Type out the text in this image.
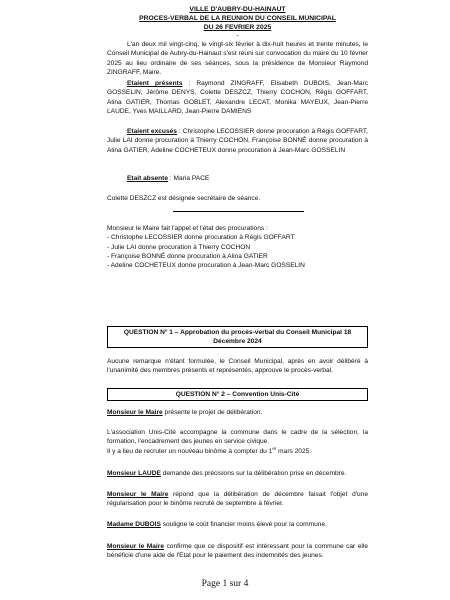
VILLE D'AUBRY-DU-HAINAUT
PROCES-VERBAL DE LA REUNION DU CONSEIL MUNICIPAL
DU 26 FEVRIER 2025
-
L'an deux mil vingt-cinq, le vingt-six février à dix-huit heures et trente minutes, le Conseil Municipal de Aubry-du-Hainaut s'est réuni sur convocation du maire du 10 février 2025 au lieu ordinaire de ses séances, sous la présidence de Monsieur Raymond ZINGRAFF, Maire.
Etaient présents : Raymond ZINGRAFF, Elisabeth DUBOIS, Jean-Marc GOSSELIN, Jérôme DENYS, Colette DESZCZ, Thierry COCHON, Régis GOFFART, Alina GATIER, Thomas GOBLET, Alexandre LECAT, Monika MAYEUX, Jean-Pierre LAUDE, Yves MAILLARD, Jean-Pierre DAMIENS
Etaient excusés : Christophe LECOSSIER donne procuration à Régis GOFFART, Julie LAI donne procuration à Thierry COCHON, Françoise BONNÉ donne procuration à Alina GATIER, Adeline COCHETEUX donne procuration à Jean-Marc GOSSELIN
Etait absente : Maria PACE
Colette DESZCZ est désignée secrétaire de séance.
Monsieur le Maire fait l'appel et l'état des procurations :
- Christophe LECOSSIER donne procuration à Régis GOFFART
- Julie LAI donne procuration à Thierry COCHON
- Françoise BONNÉ donne procuration à Alina GATIER
- Adeline COCHETEUX donne procuration à Jean-Marc GOSSELIN
QUESTION N° 1 – Approbation du procès-verbal du Conseil Municipal 18
Décembre 2024
Aucune remarque n'étant formulée, le Conseil Municipal, après en avoir délibéré à l'unanimité des membres présents et représentés, approuve le procès-verbal.
QUESTION N° 2 – Convention Unis-Cité
Monsieur le Maire présente le projet de délibération.
L'association Unis-Cité accompagne la commune dans le cadre de la sélection, la formation, l'encadrement des jeunes en service civique.
Il y a lieu de recruter un nouveau binôme à compter du 1er mars 2025.
Monsieur LAUDE demande des précisions sur la délibération prise en décembre.
Monsieur le Maire répond que la délibération de décembre faisait l'objet d'une régularisation pour le binôme recruté de septembre à février.
Madame DUBOIS souligne le coût financier moins élevé pour la commune.
Monsieur le Maire confirme que ce dispositif est intéressant pour la commune car elle bénéficie d'une aide de l'Etat pour le paiement des indemnités des jeunes.
Page 1 sur 4
